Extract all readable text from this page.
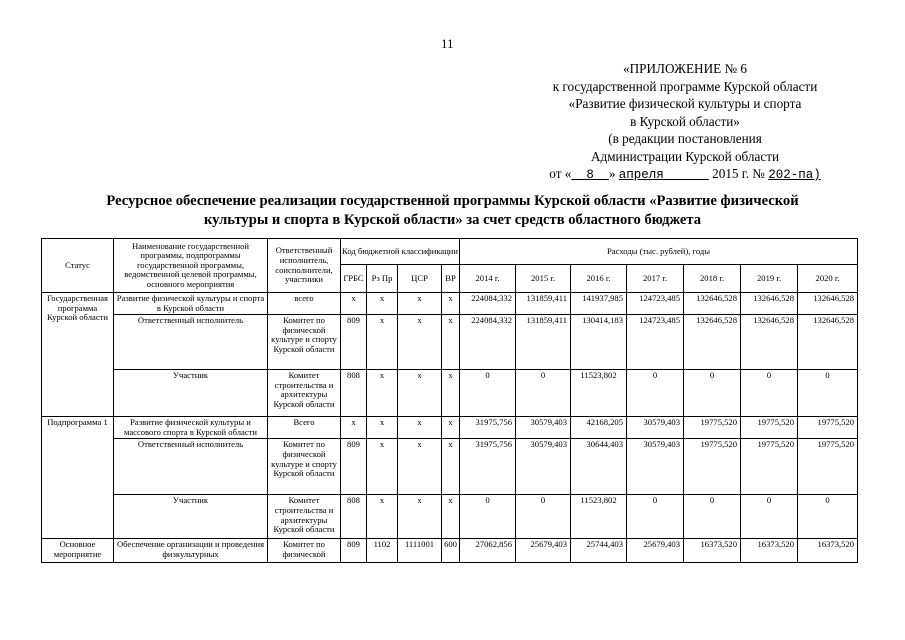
11
«ПРИЛОЖЕНИЕ № 6
к государственной программе Курской области
«Развитие физической культуры и спорта
в Курской области»
(в редакции постановления
Администрации Курской области
от « 8 » апреля	2015 г. № 202-па)
Ресурсное обеспечение реализации государственной программы Курской области «Развитие физической
культуры и спорта в Курской области» за счет средств областного бюджета
Статус	Наименование государственной программы, подпрограммы государственной программы, ведомственной целевой программы, основного мероприятия	Ответственный исполнитель, соисполнители, участники	Код бюджетной классификации				Расходы (тыс. рублей), годы						
			ГРБС	Рз Пр	ЦСР	ВР	2014 г.	2015 г.	2016 г.	2017 г.	2018 г.	2019 г.	2020 г.
Государственная программа Курской области	Развитие физической культуры и спорта в Курской области	всего	х	х	х	х	224084,332	131859,411	141937,985	124723,485	132646,528	132646,528	132646,528
	Ответственный исполнитель	Комитет по физической культуре и спорту Курской области	809	х	х	х	224084,332	131859,411	130414,183	124723,485	132646,528	132646,528	132646,528
	Участник	Комитет строительства и архитектуры Курской области	808	х	х	х	0	0	11523,802	0	0	0	0
Подпрограмма 1	Развитие физической культуры и массового спорта в Курской области	Всего	х	х	х	х	31975,756	30579,403	42168,205	30579,403	19775,520	19775,520	19775,520
	Ответственный исполнитель	Комитет по физической культуре и спорту Курской области	809	х	х	х	31975,756	30579,403	30644,403	30579,403	19775,520	19775,520	19775,520
	Участник	Комитет строительства и архитектуры Курской области	808	х	х	х	0	0	11523,802	0	0	0	0
Основное мероприятие	Обеспечение организации и проведения физкультурных	Комитет по физической	809	1102	1111001	600	27062,856	25679,403	25744,403	25679,403	16373,520	16373,520	16373,520
